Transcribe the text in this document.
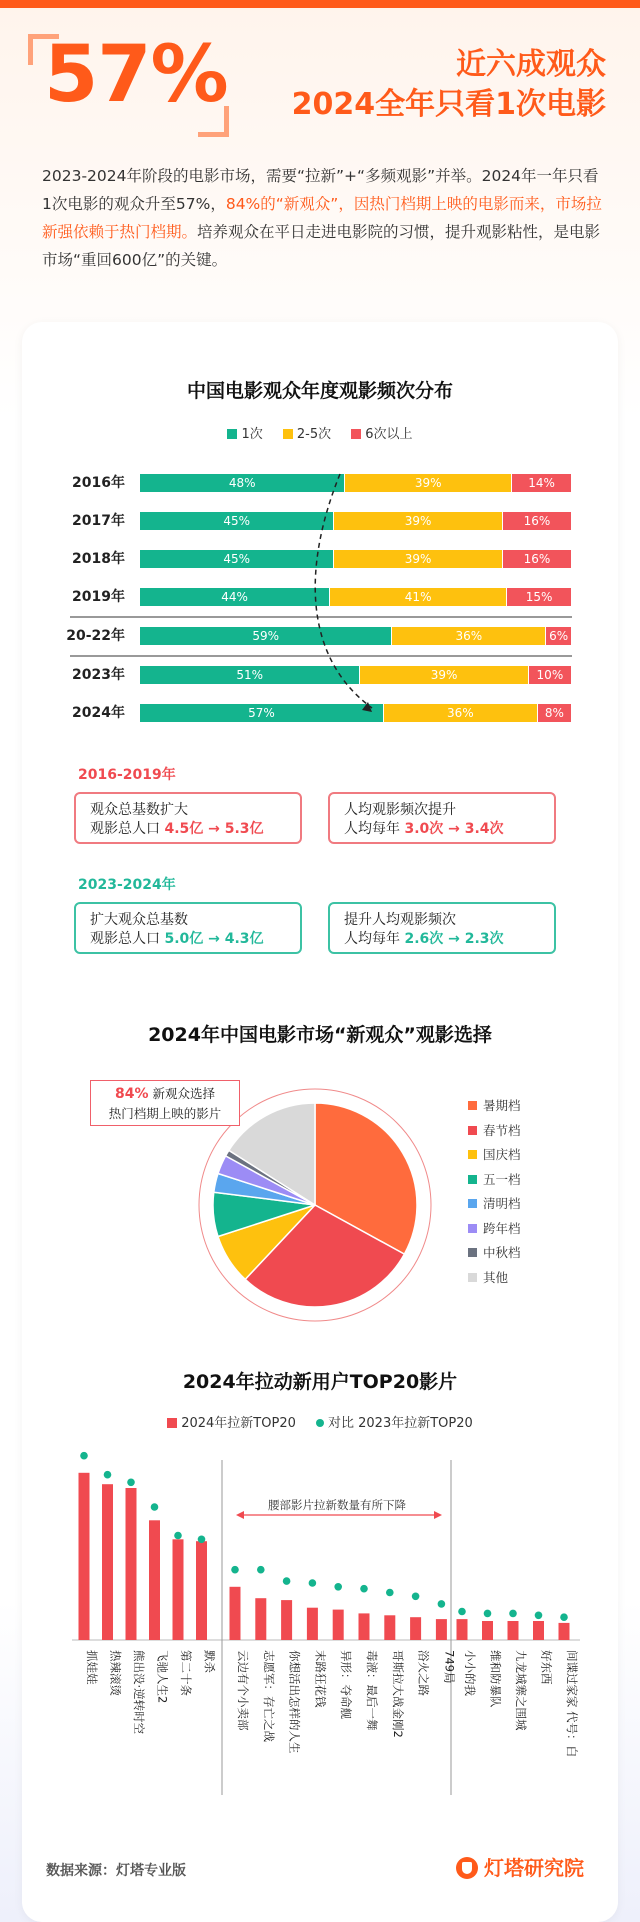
57%	近六成观众
2024全年只看1次电影
2023-2024年阶段的电影市场，需要“拉新”+“多频观影”并举。2024年一年只看1次电影的观众升至57%，84%的“新观众”，因热门档期上映的电影而来，市场拉新强依赖于热门档期。培养观众在平日走进电影院的习惯，提升观影粘性，是电影市场“重回600亿”的关键。
中国电影观众年度观影频次分布
1次	2-5次	6次以上
2016年	48%	39%	14%
2017年	45%	39%	16%
2018年	45%	39%	16%
2019年	44%	41%	15%
20-22年	59%	36%	6%
2023年	51%	39%	10%
2024年	57%	36%	8%
2016-2019年
观众总基数扩大
观影总人口 4.5亿 → 5.3亿
人均观影频次提升
人均每年 3.0次 → 3.4次
2023-2024年
扩大观众总基数
观影总人口 5.0亿 → 4.3亿
提升人均观影频次
人均每年 2.6次 → 2.3次
2024年中国电影市场“新观众”观影选择
84% 新观众选择
热门档期上映的影片
暑期档
春节档
国庆档
五一档
清明档
跨年档
中秋档
其他
2024年拉动新用户TOP20影片
2024年拉新TOP20 对比 2023年拉新TOP20
腰部影片拉新数量有所下降
抓娃娃 热辣滚烫 熊出没·逆转时空 飞驰人生2 第二十条 默杀 云边有个小卖部 志愿军：存亡之战 你想活出怎样的人生 末路狂花钱 异形：夺命舰 毒液：最后一舞 哥斯拉大战金刚2 浴火之路 749局 小小的我 维和防暴队 九龙城寨之围城 好东西 间谍过家家 代号：白
数据来源：灯塔专业版	灯塔研究院
